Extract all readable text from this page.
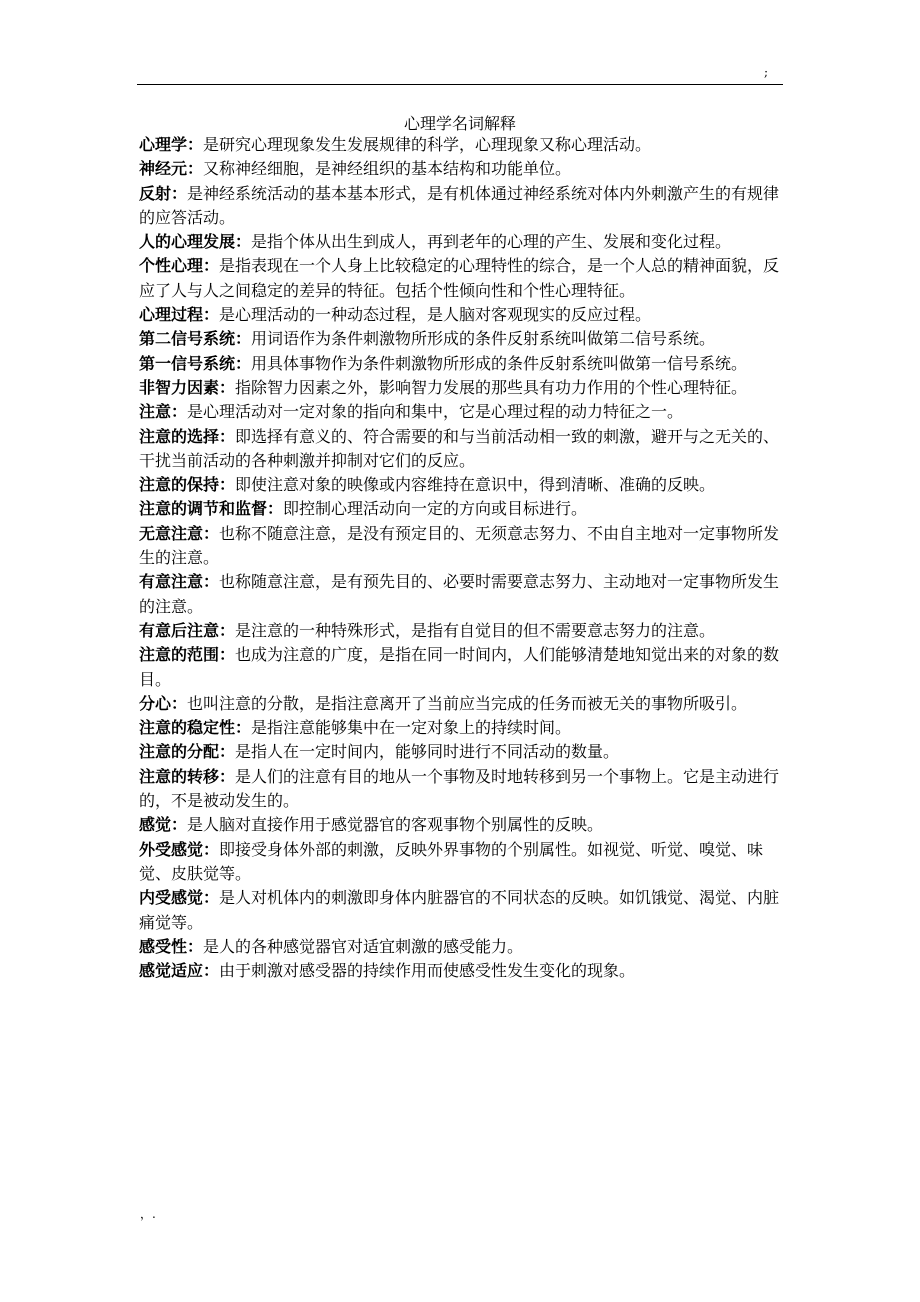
;
心理学名词解释

心理学：是研究心理现象发生发展规律的科学，心理现象又称心理活动。

神经元：又称神经细胞，是神经组织的基本结构和功能单位。

反射：是神经系统活动的基本基本形式，是有机体通过神经系统对体内外刺激产生的有规律的应答活动。

人的心理发展：是指个体从出生到成人，再到老年的心理的产生、发展和变化过程。

个性心理：是指表现在一个人身上比较稳定的心理特性的综合，是一个人总的精神面貌，反应了人与人之间稳定的差异的特征。包括个性倾向性和个性心理特征。

心理过程：是心理活动的一种动态过程，是人脑对客观现实的反应过程。

第二信号系统：用词语作为条件刺激物所形成的条件反射系统叫做第二信号系统。

第一信号系统：用具体事物作为条件刺激物所形成的条件反射系统叫做第一信号系统。

非智力因素：指除智力因素之外，影响智力发展的那些具有功力作用的个性心理特征。

注意：是心理活动对一定对象的指向和集中，它是心理过程的动力特征之一。

注意的选择：即选择有意义的、符合需要的和与当前活动相一致的刺激，避开与之无关的、干扰当前活动的各种刺激并抑制对它们的反应。

注意的保持：即使注意对象的映像或内容维持在意识中，得到清晰、准确的反映。

注意的调节和监督：即控制心理活动向一定的方向或目标进行。

无意注意：也称不随意注意，是没有预定目的、无须意志努力、不由自主地对一定事物所发生的注意。

有意注意：也称随意注意，是有预先目的、必要时需要意志努力、主动地对一定事物所发生的注意。

有意后注意：是注意的一种特殊形式，是指有自觉目的但不需要意志努力的注意。

注意的范围：也成为注意的广度，是指在同一时间内，人们能够清楚地知觉出来的对象的数目。

分心：也叫注意的分散，是指注意离开了当前应当完成的任务而被无关的事物所吸引。

注意的稳定性：是指注意能够集中在一定对象上的持续时间。

注意的分配：是指人在一定时间内，能够同时进行不同活动的数量。

注意的转移：是人们的注意有目的地从一个事物及时地转移到另一个事物上。它是主动进行的，不是被动发生的。

感觉：是人脑对直接作用于感觉器官的客观事物个别属性的反映。

外受感觉：即接受身体外部的刺激，反映外界事物的个别属性。如视觉、听觉、嗅觉、味觉、皮肤觉等。

内受感觉：是人对机体内的刺激即身体内脏器官的不同状态的反映。如饥饿觉、渴觉、内脏痛觉等。

感受性：是人的各种感觉器官对适宜刺激的感受能力。

感觉适应：由于刺激对感受器的持续作用而使感受性发生变化的现象。

，.
